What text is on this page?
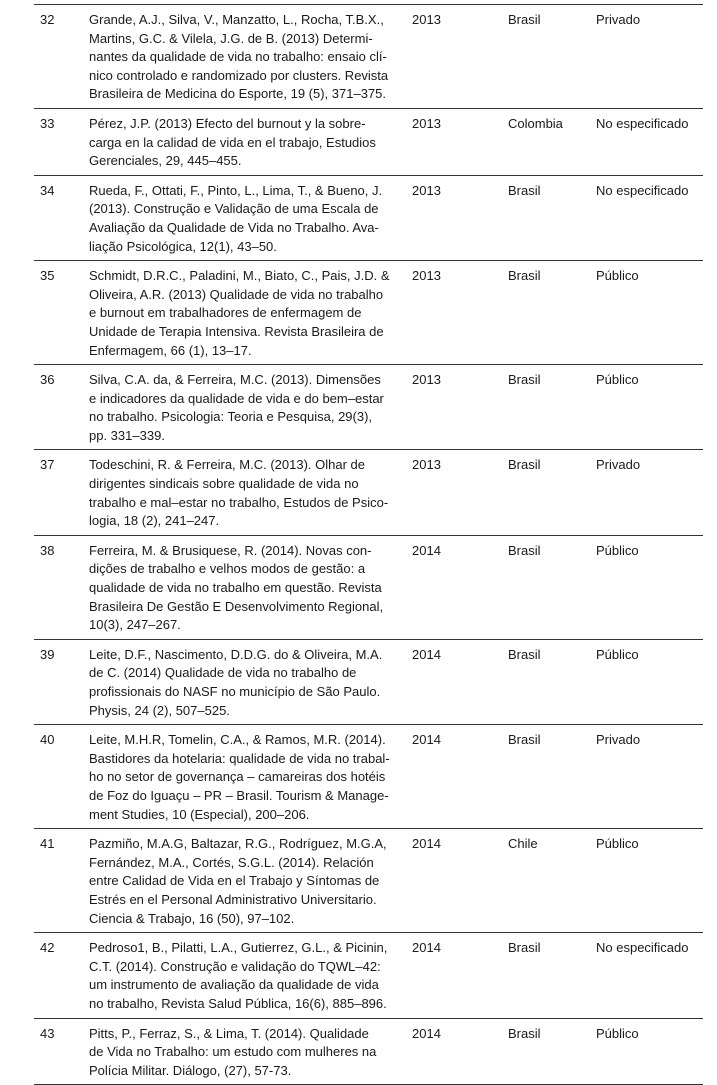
32	Grande, A.J., Silva, V., Manzatto, L., Rocha, T.B.X.,
Martins, G.C. & Vilela, J.G. de B. (2013) Determi-
nantes da qualidade de vida no trabalho: ensaio clí-
nico controlado e randomizado por clusters. Revista
Brasileira de Medicina do Esporte, 19 (5), 371–375.	2013	Brasil	Privado
33	Pérez, J.P. (2013) Efecto del burnout y la sobre-
carga en la calidad de vida en el trabajo, Estudios
Gerenciales, 29, 445–455.	2013	Colombia	No especificado
34	Rueda, F., Ottati, F., Pinto, L., Lima, T., & Bueno, J.
(2013). Construção e Validação de uma Escala de
Avaliação da Qualidade de Vida no Trabalho. Ava-
liação Psicológica, 12(1), 43–50.	2013	Brasil	No especificado
35	Schmidt, D.R.C., Paladini, M., Biato, C., Pais, J.D. &
Oliveira, A.R. (2013) Qualidade de vida no trabalho
e burnout em trabalhadores de enfermagem de
Unidade de Terapia Intensiva. Revista Brasileira de
Enfermagem, 66 (1), 13–17.	2013	Brasil	Público
36	Silva, C.A. da, & Ferreira, M.C. (2013). Dimensões
e indicadores da qualidade de vida e do bem–estar
no trabalho. Psicologia: Teoria e Pesquisa, 29(3),
pp. 331–339.	2013	Brasil	Público
37	Todeschini, R. & Ferreira, M.C. (2013). Olhar de
dirigentes sindicais sobre qualidade de vida no
trabalho e mal–estar no trabalho, Estudos de Psico-
logia, 18 (2), 241–247.	2013	Brasil	Privado
38	Ferreira, M. & Brusiquese, R. (2014). Novas con-
dições de trabalho e velhos modos de gestão: a
qualidade de vida no trabalho em questão. Revista
Brasileira De Gestão E Desenvolvimento Regional,
10(3), 247–267.	2014	Brasil	Público
39	Leite, D.F., Nascimento, D.D.G. do & Oliveira, M.A.
de C. (2014) Qualidade de vida no trabalho de
profissionais do NASF no município de São Paulo.
Physis, 24 (2), 507–525.	2014	Brasil	Público
40	Leite, M.H.R, Tomelin, C.A., & Ramos, M.R. (2014).
Bastidores da hotelaria: qualidade de vida no trabal-
ho no setor de governança – camareiras dos hotéis
de Foz do Iguaçu – PR – Brasil. Tourism & Manage-
ment Studies, 10 (Especial), 200–206.	2014	Brasil	Privado
41	Pazmiño, M.A.G, Baltazar, R.G., Rodríguez, M.G.A,
Fernández, M.A., Cortés, S.G.L. (2014). Relación
entre Calidad de Vida en el Trabajo y Síntomas de
Estrés en el Personal Administrativo Universitario.
Ciencia & Trabajo, 16 (50), 97–102.	2014	Chile	Público
42	Pedroso1, B., Pilatti, L.A., Gutierrez, G.L., & Picinin,
C.T. (2014). Construção e validação do TQWL–42:
um instrumento de avaliação da qualidade de vida
no trabalho, Revista Salud Pública, 16(6), 885–896.	2014	Brasil	No especificado
43	Pitts, P., Ferraz, S., & Lima, T. (2014). Qualidade
de Vida no Trabalho: um estudo com mulheres na
Polícia Militar. Diálogo, (27), 57-73.	2014	Brasil	Público
